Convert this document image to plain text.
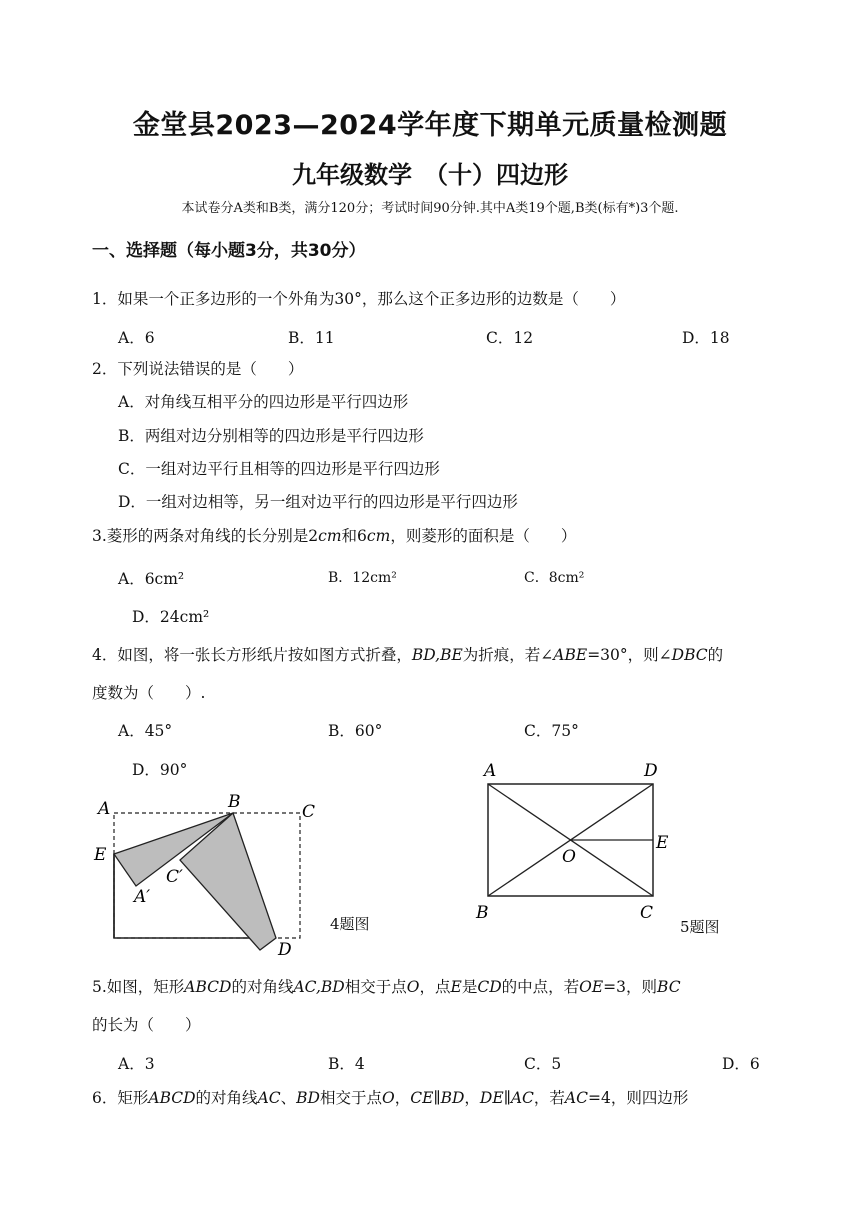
金堂县2023—2024学年度下期单元质量检测题
九年级数学　（十）四边形
本试卷分A类和B类，满分120分；考试时间90分钟.其中A类19个题,B类(标有*)3个题.
一、选择题（每小题3分，共30分）
1．如果一个正多边形的一个外角为30°，那么这个正多边形的边数是（　　）
A．6	B．11	C．12	D．18
2．下列说法错误的是（　　）
A．对角线互相平分的四边形是平行四边形
B．两组对边分别相等的四边形是平行四边形
C．一组对边平行且相等的四边形是平行四边形
D．一组对边相等，另一组对边平行的四边形是平行四边形
3.菱形的两条对角线的长分别是2cm和6cm，则菱形的面积是（　　）
A．6cm²	B．12cm²	C．8cm²
D．24cm²
4．如图，将一张长方形纸片按如图方式折叠，BD,BE为折痕，若∠ABE=30°，则∠DBC的
度数为（　　）.
A．45°	B．60°	C．75°
D．90°
A	B	C
E
C′
A′
D
4题图
A	D
E
O
B	C
5题图
5.如图，矩形ABCD的对角线AC,BD相交于点O，点E是CD的中点，若OE=3，则BC
的长为（　　）
A．3	B．4	C．5	D．6
6．矩形ABCD的对角线AC、BD相交于点O，CE∥BD，DE∥AC，若AC=4，则四边形
